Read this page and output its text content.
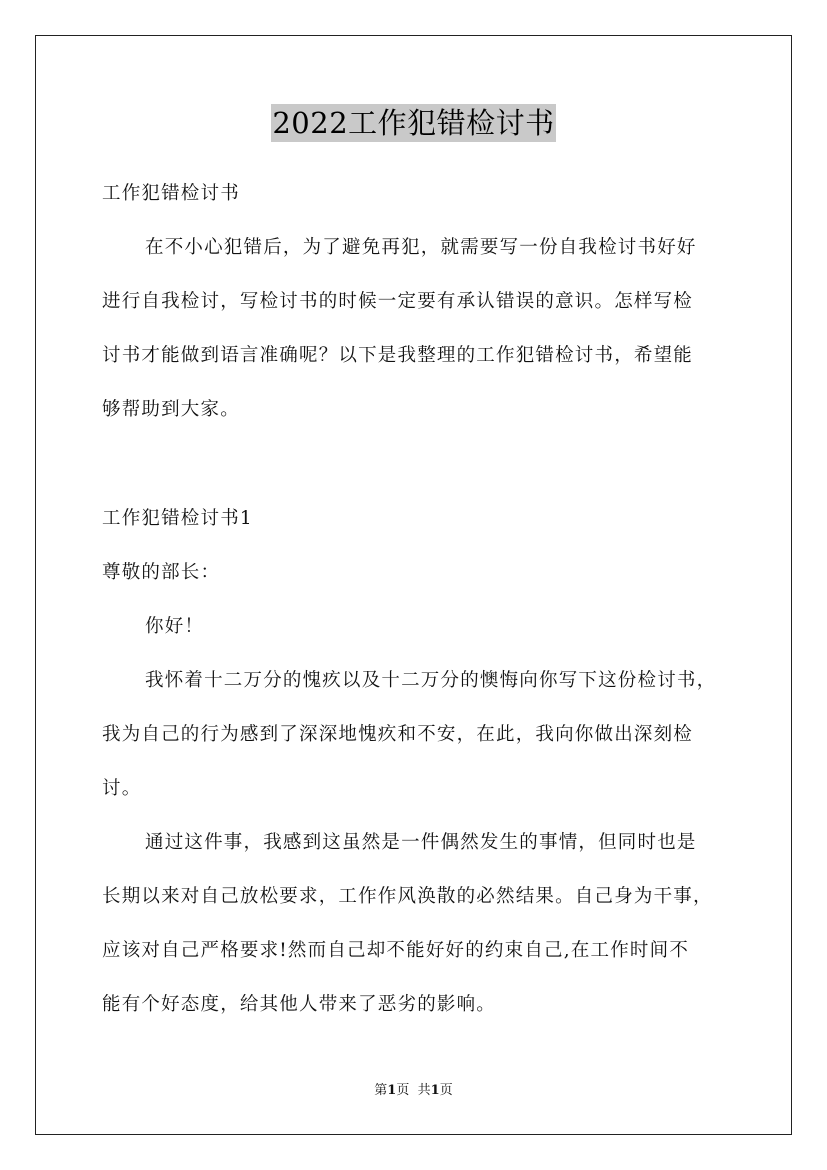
2022工作犯错检讨书
工作犯错检讨书
在不小心犯错后，为了避免再犯，就需要写一份自我检讨书好好
进行自我检讨，写检讨书的时候一定要有承认错误的意识。怎样写检
讨书才能做到语言准确呢？以下是我整理的工作犯错检讨书，希望能
够帮助到大家。
工作犯错检讨书1
尊敬的部长：
你好！
我怀着十二万分的愧疚以及十二万分的懊悔向你写下这份检讨书，
我为自己的行为感到了深深地愧疚和不安，在此，我向你做出深刻检
讨。
通过这件事，我感到这虽然是一件偶然发生的事情，但同时也是
长期以来对自己放松要求，工作作风涣散的必然结果。自己身为干事，
应该对自己严格要求!然而自己却不能好好的约束自己,在工作时间不
能有个好态度，给其他人带来了恶劣的影响。
第1页 共1页
